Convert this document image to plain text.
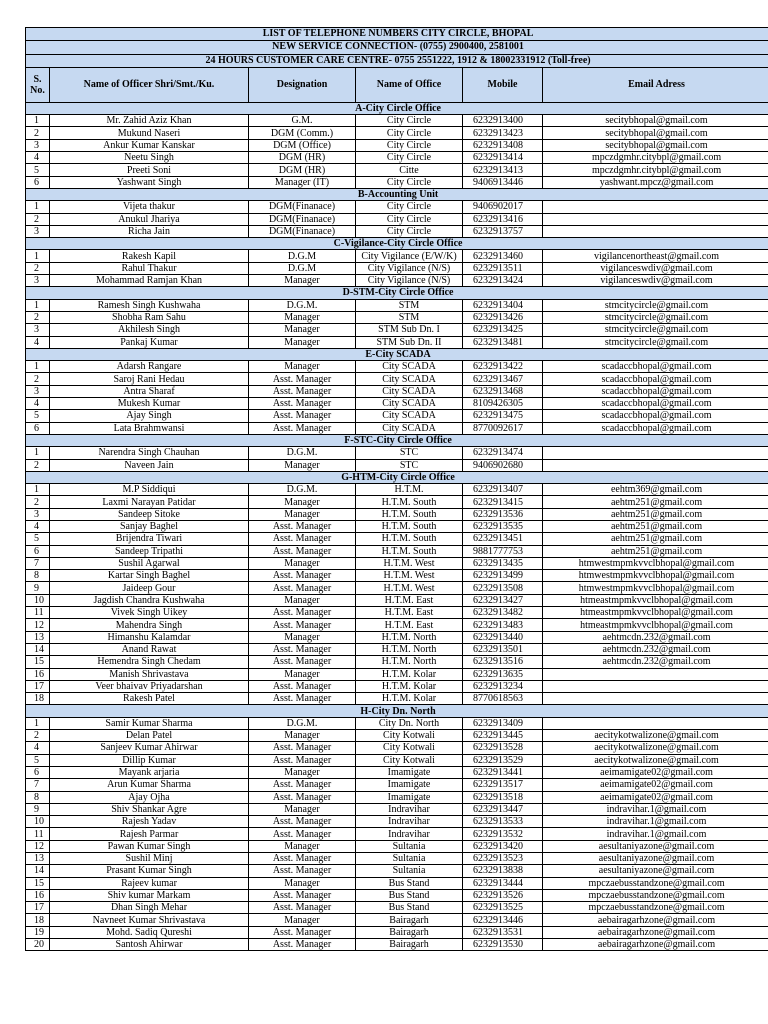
LIST OF TELEPHONE NUMBERS CITY CIRCLE, BHOPAL					
NEW SERVICE CONNECTION- (0755) 2900400, 2581001					
24 HOURS CUSTOMER CARE CENTRE- 0755 2551222, 1912 & 18002331912 (Toll-free)					
S. No.	Name of Officer Shri/Smt./Ku.	Designation	Name of Office	Mobile	Email Adress
A-City Circle Office					
1	Mr. Zahid Aziz Khan	G.M.	City Circle	6232913400	secitybhopal@gmail.com
2	Mukund Naseri	DGM (Comm.)	City Circle	6232913423	secitybhopal@gmail.com
3	Ankur Kumar Kanskar	DGM (Office)	City Circle	6232913408	secitybhopal@gmail.com
4	Neetu Singh	DGM (HR)	City Circle	6232913414	mpczdgmhr.citybpl@gmail.com
5	Preeti Soni	DGM (HR)	Citte	6232913413	mpczdgmhr.citybpl@gmail.com
6	Yashwant Singh	Manager (IT)	City Circle	9406913446	yashwant.mpcz@gmail.com
B-Accounting Unit					
1	Vijeta thakur	DGM(Finanace)	City Circle	9406902017	
2	Anukul Jhariya	DGM(Finanace)	City Circle	6232913416	
3	Richa Jain	DGM(Finanace)	City Circle	6232913757	
C-Vigilance-City Circle Office					
1	Rakesh Kapil	D.G.M	City Vigilance (E/W/K)	6232913460	vigilancenortheast@gmail.com
2	Rahul Thakur	D.G.M	City Vigilance (N/S)	6232913511	vigilanceswdiv@gmail.com
3	Mohammad Ramjan Khan	Manager	City Vigilance (N/S)	6232913424	vigilanceswdiv@gmail.com
D-STM-City Circle Office					
1	Ramesh Singh Kushwaha	D.G.M.	STM	6232913404	stmcitycircle@gmail.com
2	Shobha Ram Sahu	Manager	STM	6232913426	stmcitycircle@gmail.com
3	Akhilesh Singh	Manager	STM Sub Dn. I	6232913425	stmcitycircle@gmail.com
4	Pankaj Kumar	Manager	STM Sub Dn. II	6232913481	stmcitycircle@gmail.com
E-City SCADA					
1	Adarsh Rangare	Manager	City SCADA	6232913422	scadaccbhopal@gmail.com
2	Saroj Rani Hedau	Asst. Manager	City SCADA	6232913467	scadaccbhopal@gmail.com
3	Antra Sharaf	Asst. Manager	City SCADA	6232913468	scadaccbhopal@gmail.com
4	Mukesh Kumar	Asst. Manager	City SCADA	8109426305	scadaccbhopal@gmail.com
5	Ajay Singh	Asst. Manager	City SCADA	6232913475	scadaccbhopal@gmail.com
6	Lata Brahmwansi	Asst. Manager	City SCADA	8770092617	scadaccbhopal@gmail.com
F-STC-City Circle Office					
1	Narendra Singh Chauhan	D.G.M.	STC	6232913474	
2	Naveen Jain	Manager	STC	9406902680	
G-HTM-City Circle Office					
1	M.P Siddiqui	D.G.M.	H.T.M.	6232913407	eehtm369@gmail.com
2	Laxmi Narayan Patidar	Manager	H.T.M. South	6232913415	aehtm251@gmail.com
3	Sandeep Sitoke	Manager	H.T.M. South	6232913536	aehtm251@gmail.com
4	Sanjay Baghel	Asst. Manager	H.T.M. South	6232913535	aehtm251@gmail.com
5	Brijendra Tiwari	Asst. Manager	H.T.M. South	6232913451	aehtm251@gmail.com
6	Sandeep Tripathi	Asst. Manager	H.T.M. South	9881777753	aehtm251@gmail.com
7	Sushil Agarwal	Manager	H.T.M. West	6232913435	htmwestmpmkvvclbhopal@gmail.com
8	Kartar Singh Baghel	Asst. Manager	H.T.M. West	6232913499	htmwestmpmkvvclbhopal@gmail.com
9	Jaideep Gour	Asst. Manager	H.T.M. West	6232913508	htmwestmpmkvvclbhopal@gmail.com
10	Jagdish Chandra Kushwaha	Manager	H.T.M. East	6232913427	htmeastmpmkvvclbhopal@gmail.com
11	Vivek Singh Uikey	Asst. Manager	H.T.M. East	6232913482	htmeastmpmkvvclbhopal@gmail.com
12	Mahendra Singh	Asst. Manager	H.T.M. East	6232913483	htmeastmpmkvvclbhopal@gmail.com
13	Himanshu Kalamdar	Manager	H.T.M. North	6232913440	aehtmcdn.232@gmail.com
14	Anand Rawat	Asst. Manager	H.T.M. North	6232913501	aehtmcdn.232@gmail.com
15	Hemendra Singh Chedam	Asst. Manager	H.T.M. North	6232913516	aehtmcdn.232@gmail.com
16	Manish Shrivastava	Manager	H.T.M. Kolar	6232913635	
17	Veer bhaivav Priyadarshan	Asst. Manager	H.T.M. Kolar	6232913234	
18	Rakesh Patel	Asst. Manager	H.T.M. Kolar	8770618563	
H-City Dn. North					
1	Samir Kumar Sharma	D.G.M.	City Dn. North	6232913409	
2	Delan Patel	Manager	City Kotwali	6232913445	aecitykotwalizone@gmail.com
4	Sanjeev Kumar Ahirwar	Asst. Manager	City Kotwali	6232913528	aecitykotwalizone@gmail.com
5	Dillip Kumar	Asst. Manager	City Kotwali	6232913529	aecitykotwalizone@gmail.com
6	Mayank arjaria	Manager	Imamigate	6232913441	aeimamigate02@gmail.com
7	Arun Kumar Sharma	Asst. Manager	Imamigate	6232913517	aeimamigate02@gmail.com
8	Ajay Ojha	Asst. Manager	Imamigate	6232913518	aeimamigate02@gmail.com
9	Shiv Shankar Agre	Manager	Indravihar	6232913447	indravihar.1@gmail.com
10	Rajesh Yadav	Asst. Manager	Indravihar	6232913533	indravihar.1@gmail.com
11	Rajesh Parmar	Asst. Manager	Indravihar	6232913532	indravihar.1@gmail.com
12	Pawan Kumar Singh	Manager	Sultania	6232913420	aesultaniyazone@gmail.com
13	Sushil Minj	Asst. Manager	Sultania	6232913523	aesultaniyazone@gmail.com
14	Prasant Kumar Singh	Asst. Manager	Sultania	6232913838	aesultaniyazone@gmail.com
15	Rajeev kumar	Manager	Bus Stand	6232913444	mpczaebusstandzone@gmail.com
16	Shiv kumar Markam	Asst. Manager	Bus Stand	6232913526	mpczaebusstandzone@gmail.com
17	Dhan Singh Mehar	Asst. Manager	Bus Stand	6232913525	mpczaebusstandzone@gmail.com
18	Navneet Kumar Shrivastava	Manager	Bairagarh	6232913446	aebairagarhzone@gmail.com
19	Mohd. Sadiq Qureshi	Asst. Manager	Bairagarh	6232913531	aebairagarhzone@gmail.com
20	Santosh Ahirwar	Asst. Manager	Bairagarh	6232913530	aebairagarhzone@gmail.com
